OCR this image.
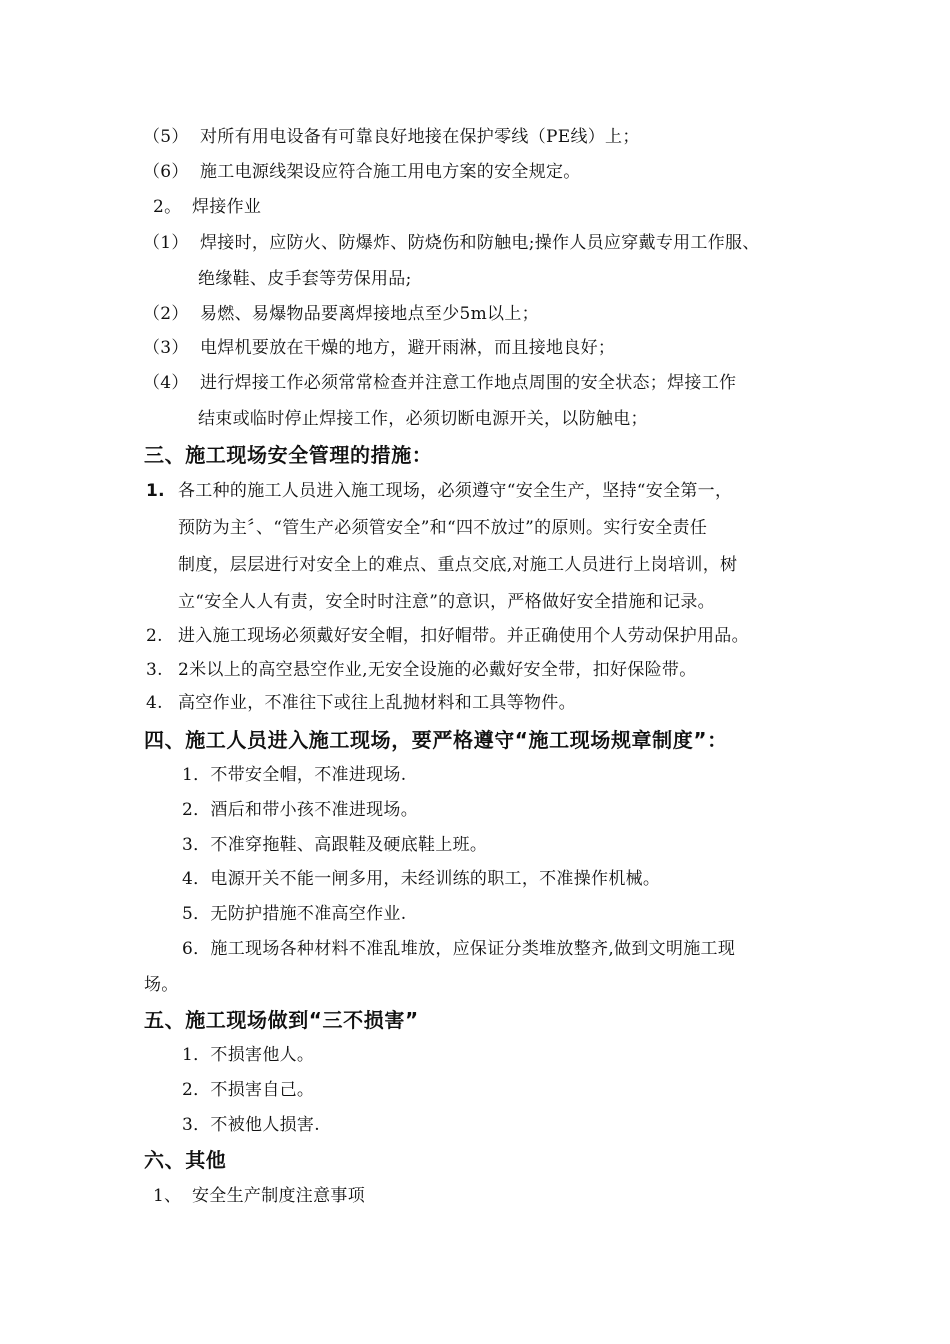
（5） 对所有用电设备有可靠良好地接在保护零线（PE线）上；
（6） 施工电源线架设应符合施工用电方案的安全规定。
2。 焊接作业
（1） 焊接时，应防火、防爆炸、防烧伤和防触电;操作人员应穿戴专用工作服、
绝缘鞋、皮手套等劳保用品;
（2） 易燃、易爆物品要离焊接地点至少5m以上；
（3） 电焊机要放在干燥的地方，避开雨淋，而且接地良好；
（4） 进行焊接工作必须常常检查并注意工作地点周围的安全状态；焊接工作
结束或临时停止焊接工作，必须切断电源开关，以防触电；
三、施工现场安全管理的措施：
1. 各工种的施工人员进入施工现场，必须遵守“安全生产，坚持“安全第一，
预防为主〞、“管生产必须管安全”和“四不放过”的原则。实行安全责任
制度，层层进行对安全上的难点、重点交底,对施工人员进行上岗培训，树
立“安全人人有责，安全时时注意”的意识，严格做好安全措施和记录。
2. 进入施工现场必须戴好安全帽，扣好帽带。并正确使用个人劳动保护用品。
3. 2米以上的高空悬空作业,无安全设施的必戴好安全带，扣好保险带。
4. 高空作业，不准往下或往上乱抛材料和工具等物件。
四、施工人员进入施工现场，要严格遵守“施工现场规章制度”：
1．不带安全帽，不准进现场.
2．酒后和带小孩不准进现场。
3．不准穿拖鞋、高跟鞋及硬底鞋上班。
4．电源开关不能一闸多用，未经训练的职工，不准操作机械。
5．无防护措施不准高空作业.
6．施工现场各种材料不准乱堆放，应保证分类堆放整齐,做到文明施工现
场。
五、施工现场做到“三不损害”
1．不损害他人。
2．不损害自己。
3．不被他人损害.
六、其他
1、 安全生产制度注意事项
